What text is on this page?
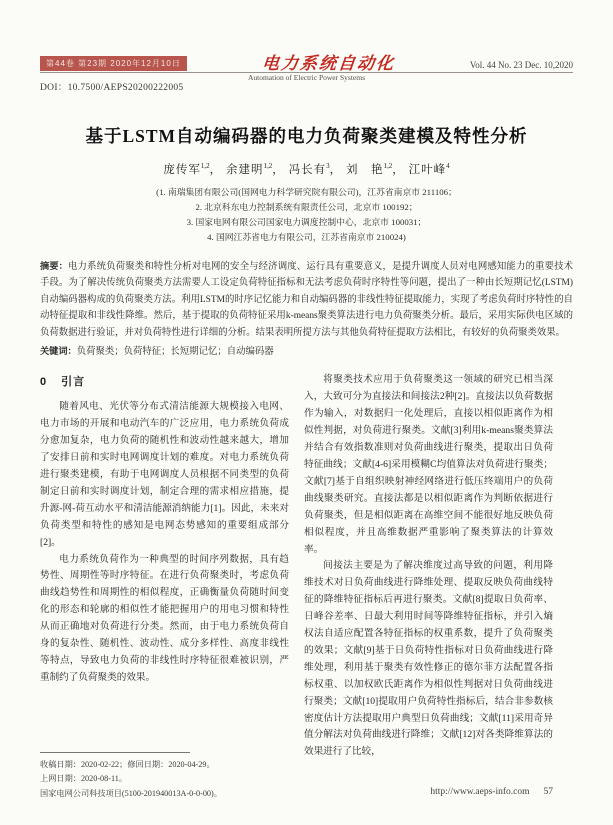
第44卷 第23期 2020年12月10日	电力系统自动化	Vol. 44 No. 23 Dec. 10,2020
$^{Automation of Electric Power Systems}$
DOI：10.7500/AEPS20200222005
基于LSTM自动编码器的电力负荷聚类建模及特性分析
庞传军$^{1,2}$， 余建明$^{1,2}$， 冯长有$^3$， 刘　艳$^{1,2}$， 江叶峰$^4$
(1. 南瑞集团有限公司(国网电力科学研究院有限公司)，江苏省南京市 211106；
2. 北京科东电力控制系统有限责任公司，北京市 100192；
3. 国家电网有限公司国家电力调度控制中心，北京市 100031；
4. 国网江苏省电力有限公司，江苏省南京市 210024)
摘要：电力系统负荷聚类和特性分析对电网的安全与经济调度、运行具有重要意义，是提升调度人员对电网感知能力的重要技术手段。为了解决传统负荷聚类方法需要人工设定负荷特征指标和无法考虑负荷时序特性等问题，提出了一种由长短期记忆(LSTM)自动编码器构成的负荷聚类方法。利用LSTM的时序记忆能力和自动编码器的非线性特征提取能力，实现了考虑负荷时序特性的自动特征提取和非线性降维。然后，基于提取的负荷特征采用k-means聚类算法进行电力负荷聚类分析。最后，采用实际供电区域的负荷数据进行验证，并对负荷特性进行详细的分析。结果表明所提方法与其他负荷特征提取方法相比，有较好的负荷聚类效果。
关键词：负荷聚类；负荷特征；长短期记忆；自动编码器
0 引言

随着风电、光伏等分布式清洁能源大规模接入电网、电力市场的开展和电动汽车的广泛应用，电力系统负荷成分愈加复杂，电力负荷的随机性和波动性越来越大，增加了安排日前和实时电网调度计划的难度。对电力系统负荷进行聚类建模，有助于电网调度人员根据不同类型的负荷制定日前和实时调度计划，制定合理的需求相应措施，提升源-网-荷互动水平和清洁能源消纳能力[1]。因此，未来对负荷类型和特性的感知是电网态势感知的重要组成部分[2]。

电力系统负荷作为一种典型的时间序列数据，具有趋势性、周期性等时序特征。在进行负荷聚类时，考虑负荷曲线趋势性和周期性的相似程度，正确衡量负荷随时间变化的形态和轮廓的相似性才能把握用户的用电习惯和特性从而正确地对负荷进行分类。然而，由于电力系统负荷自身的复杂性、随机性、波动性、成分多样性、高度非线性等特点，导致电力负荷的非线性时序特征很难被识别，严重制约了负荷聚类的效果。

收稿日期：2020-02-22；修回日期：2020-04-29。
上网日期：2020-08-11。
国家电网公司科技项目(5100-201940013A-0-0-00)。

将聚类技术应用于负荷聚类这一领域的研究已相当深入，大致可分为直接法和间接法2种[2]。直接法以负荷数据作为输入，对数据归一化处理后，直接以相似距离作为相似性判据，对负荷进行聚类。文献[3]利用k-means聚类算法并结合有效指数准则对负荷曲线进行聚类，提取出日负荷特征曲线；文献[4-6]采用模糊C均值算法对负荷进行聚类；文献[7]基于自组织映射神经网络进行低压终端用户的负荷曲线聚类研究。直接法都是以相似距离作为判断依据进行负荷聚类，但是相似距离在高维空间不能很好地反映负荷相似程度，并且高维数据严重影响了聚类算法的计算效率。

间接法主要是为了解决维度过高导致的问题，利用降维技术对日负荷曲线进行降维处理、提取反映负荷曲线特征的降维特征指标后再进行聚类。文献[8]提取日负荷率、日峰谷差率、日最大利用时间等降维特征指标，并引入熵权法自适应配置各特征指标的权重系数，提升了负荷聚类的效果；文献[9]基于日负荷特性指标对日负荷曲线进行降维处理，利用基于聚类有效性修正的德尔菲方法配置各指标权重、以加权欧氏距离作为相似性判据对日负荷曲线进行聚类；文献[10]提取用户负荷特性指标后，结合非参数核密度估计方法提取用户典型日负荷曲线；文献[11]采用奇异值分解法对负荷曲线进行降维；文献[12]对各类降维算法的效果进行了比较，

http://www.aeps-info.com 57
